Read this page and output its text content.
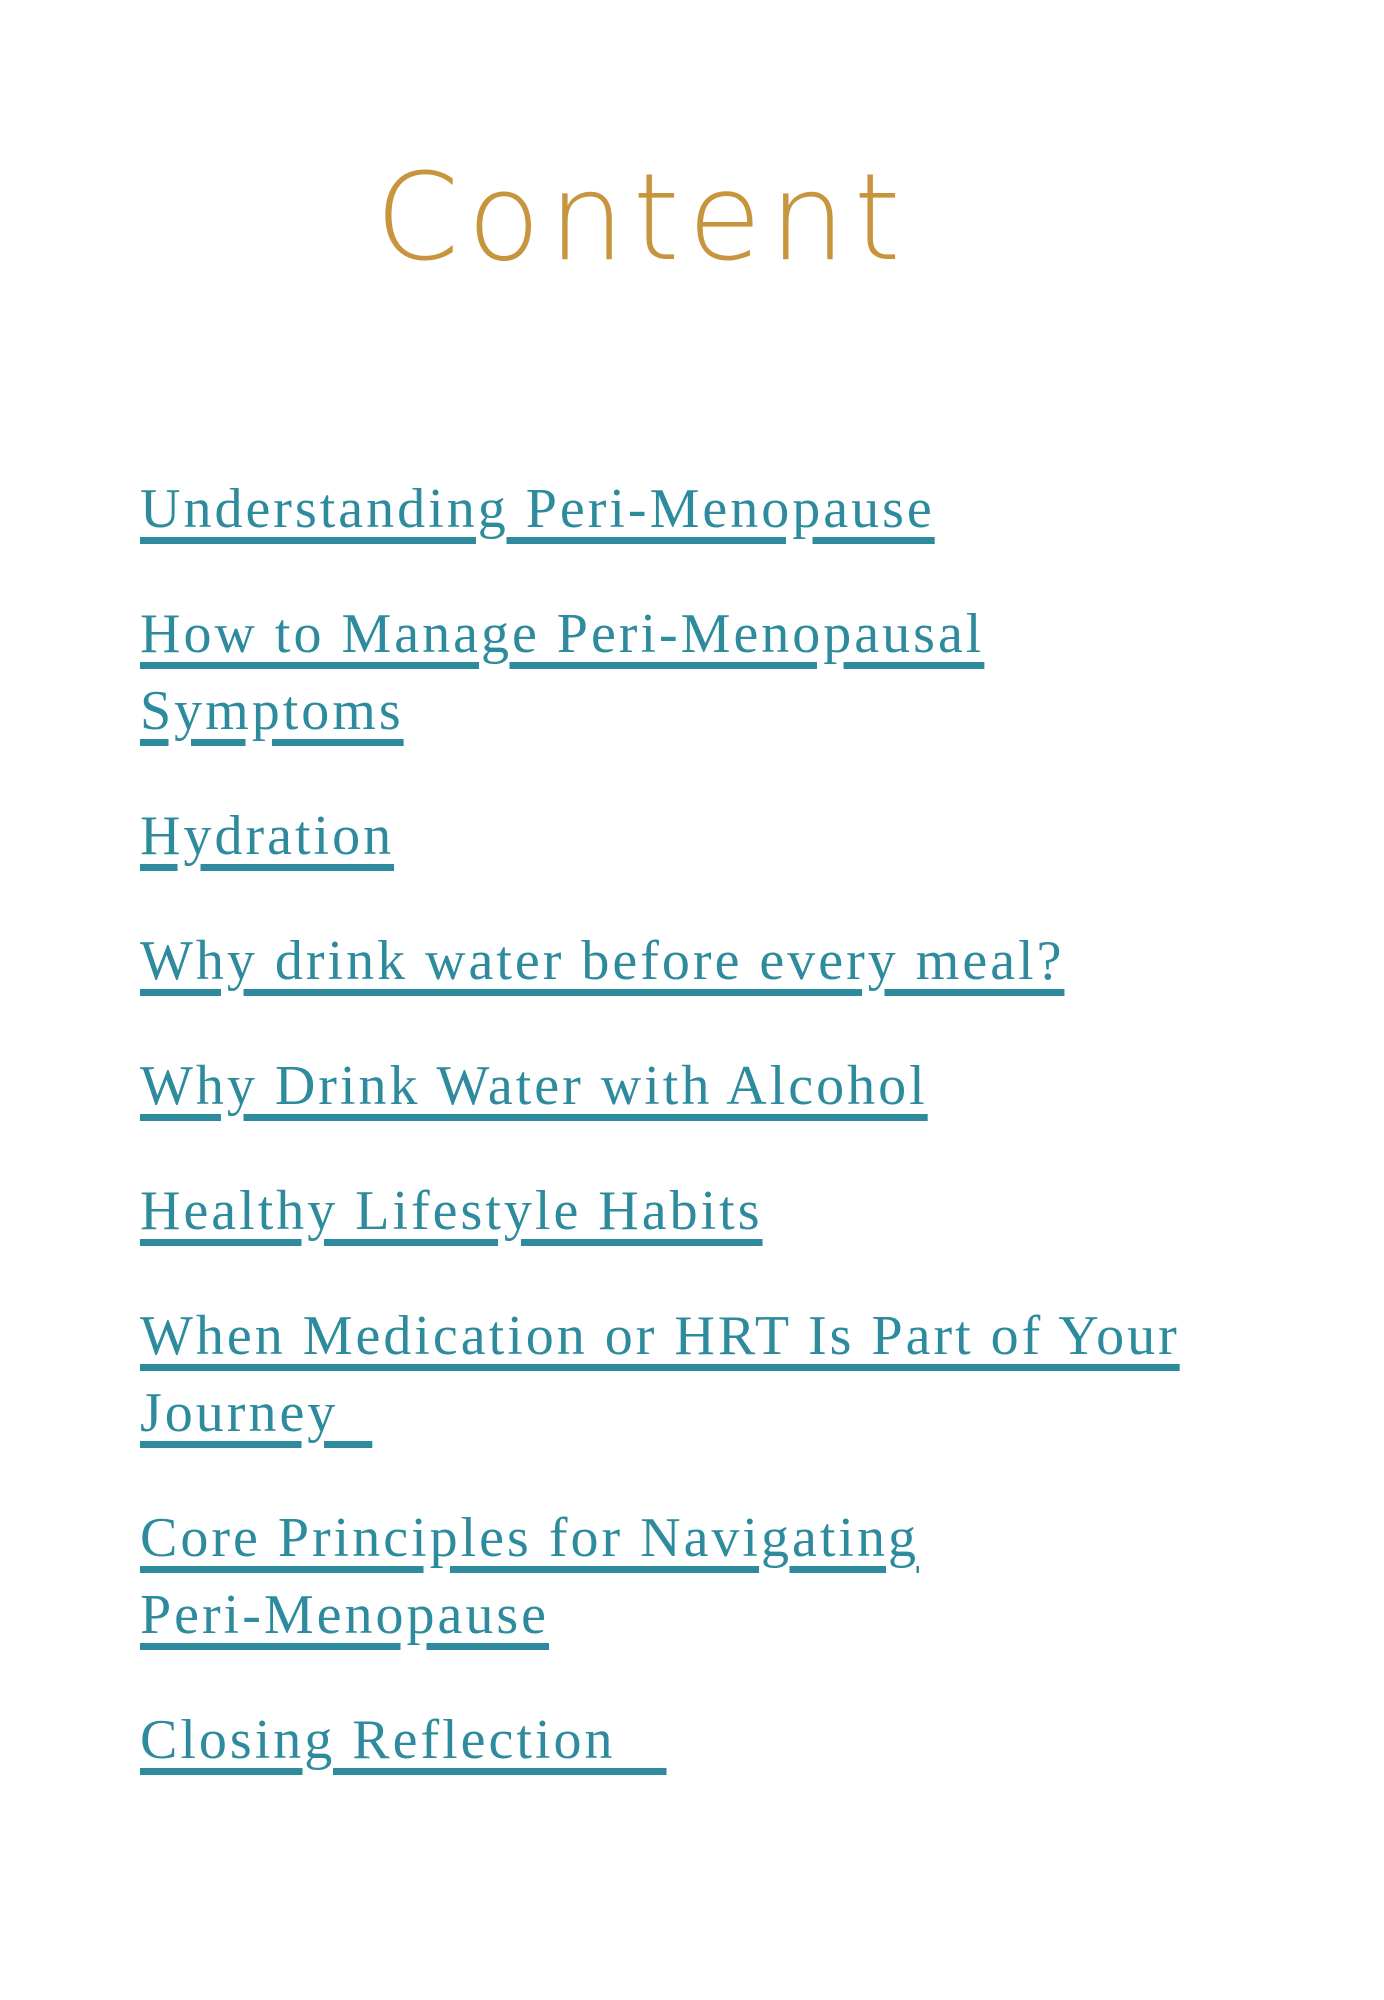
Content

Understanding Peri-Menopause

How to Manage Peri-Menopausal
Symptoms

Hydration

Why drink water before every meal?

Why Drink Water with Alcohol

Healthy Lifestyle Habits

When Medication or HRT Is Part of Your
Journey

Core Principles for Navigating
Peri-Menopause

Closing Reflection
